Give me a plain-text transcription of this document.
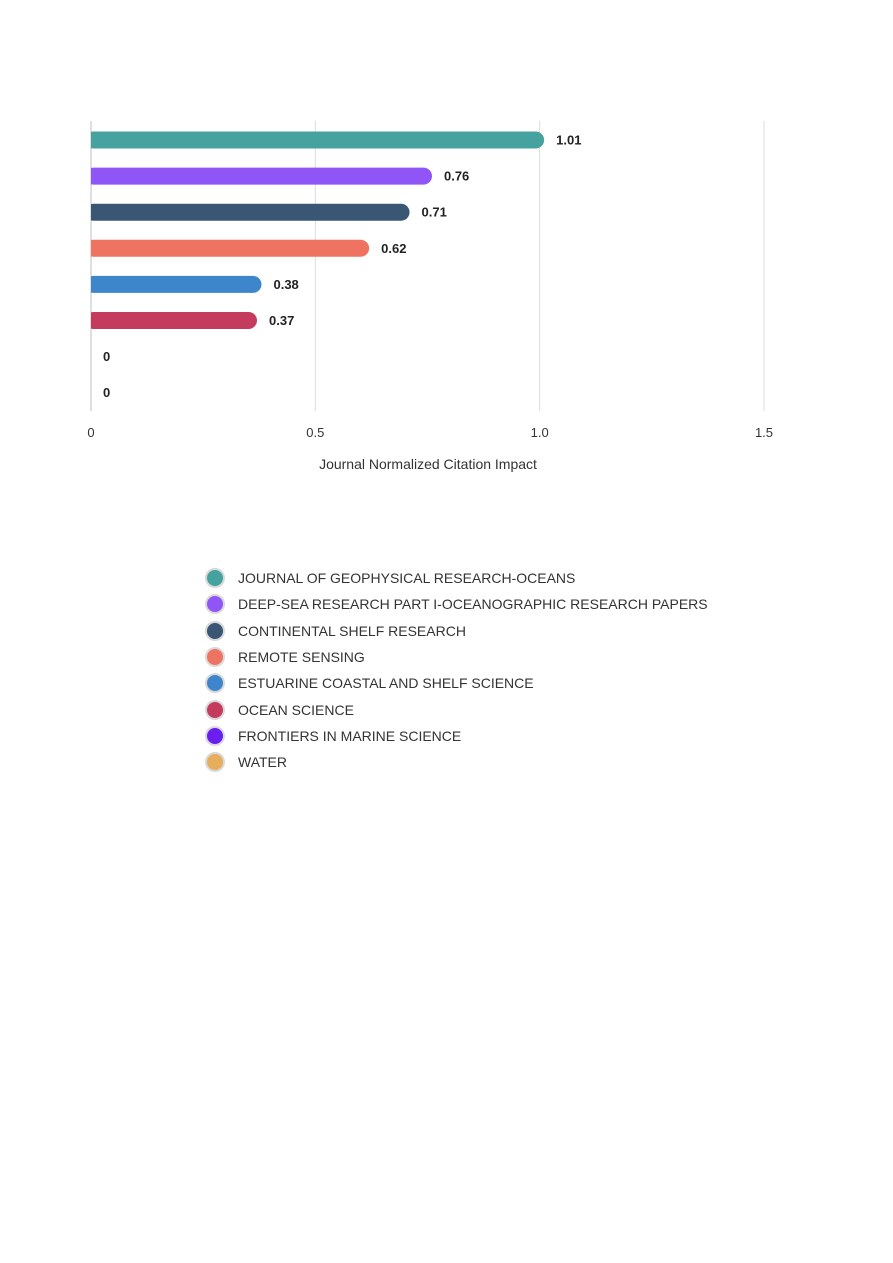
1.01
0.76
0.71
0.62
0.38
0.37
0
0
0	0.5	1.0	1.5
Journal Normalized Citation Impact
JOURNAL OF GEOPHYSICAL RESEARCH-OCEANS
DEEP-SEA RESEARCH PART I-OCEANOGRAPHIC RESEARCH PAPERS
CONTINENTAL SHELF RESEARCH
REMOTE SENSING
ESTUARINE COASTAL AND SHELF SCIENCE
OCEAN SCIENCE
FRONTIERS IN MARINE SCIENCE
WATER
